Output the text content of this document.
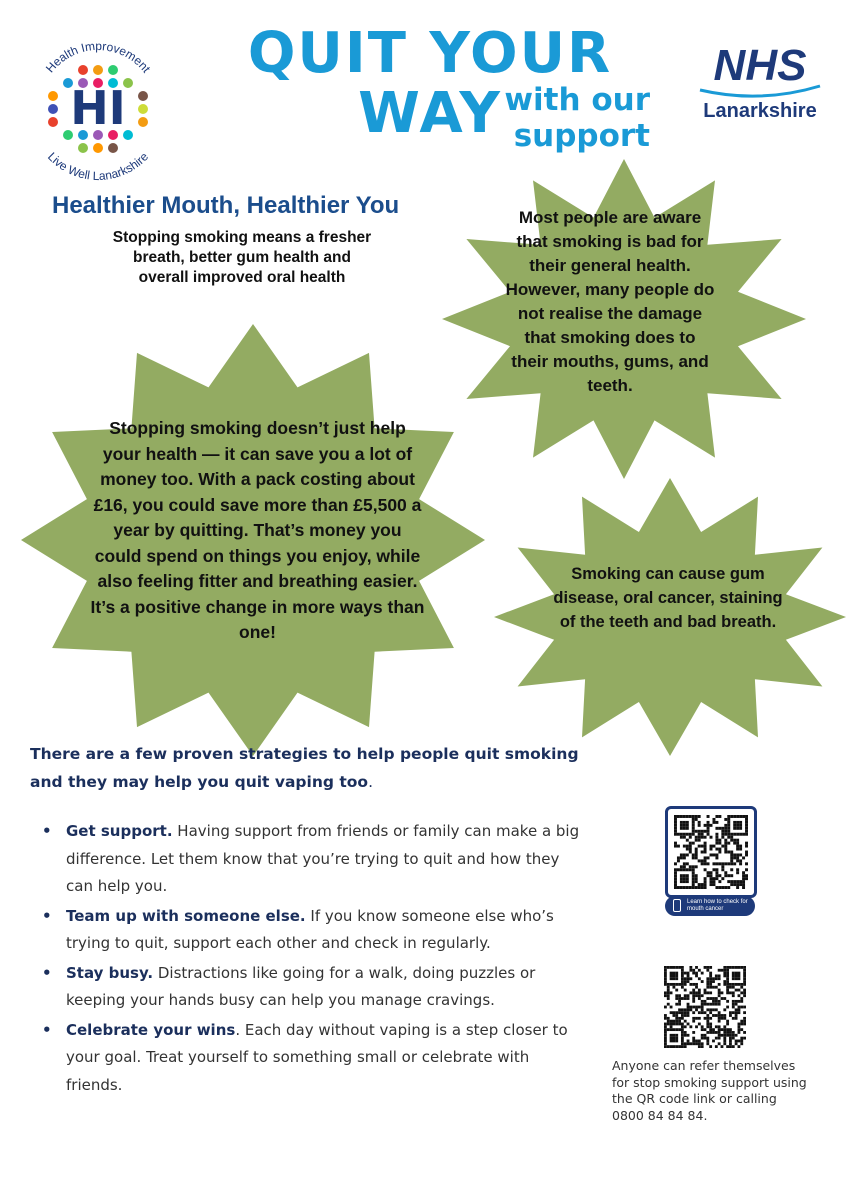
Health Improvement
Live Well Lanarkshire
HI
QUIT YOUR WAY with our support
NHS
Lanarkshire
Healthier Mouth, Healthier You
Stopping smoking means a fresher breath, better gum health and overall improved oral health
Most people are aware that smoking is bad for their general health. However, many people do not realise the damage that smoking does to their mouths, gums, and teeth.
Stopping smoking doesn’t just help your health — it can save you a lot of money too. With a pack costing about £16, you could save more than £5,500 a year by quitting. That’s money you could spend on things you enjoy, while also feeling fitter and breathing easier. It’s a positive change in more ways than one!
Smoking can cause gum disease, oral cancer, staining of the teeth and bad breath.
There are a few proven strategies to help people quit smoking and they may help you quit vaping too.
• Get support. Having support from friends or family can make a big difference. Let them know that you’re trying to quit and how they can help you.
• Team up with someone else. If you know someone else who’s trying to quit, support each other and check in regularly.
• Stay busy. Distractions like going for a walk, doing puzzles or keeping your hands busy can help you manage cravings.
• Celebrate your wins. Each day without vaping is a step closer to your goal. Treat yourself to something small or celebrate with friends.
Learn how to check for mouth cancer
Anyone can refer themselves for stop smoking support using the QR code link or calling 0800 84 84 84.
